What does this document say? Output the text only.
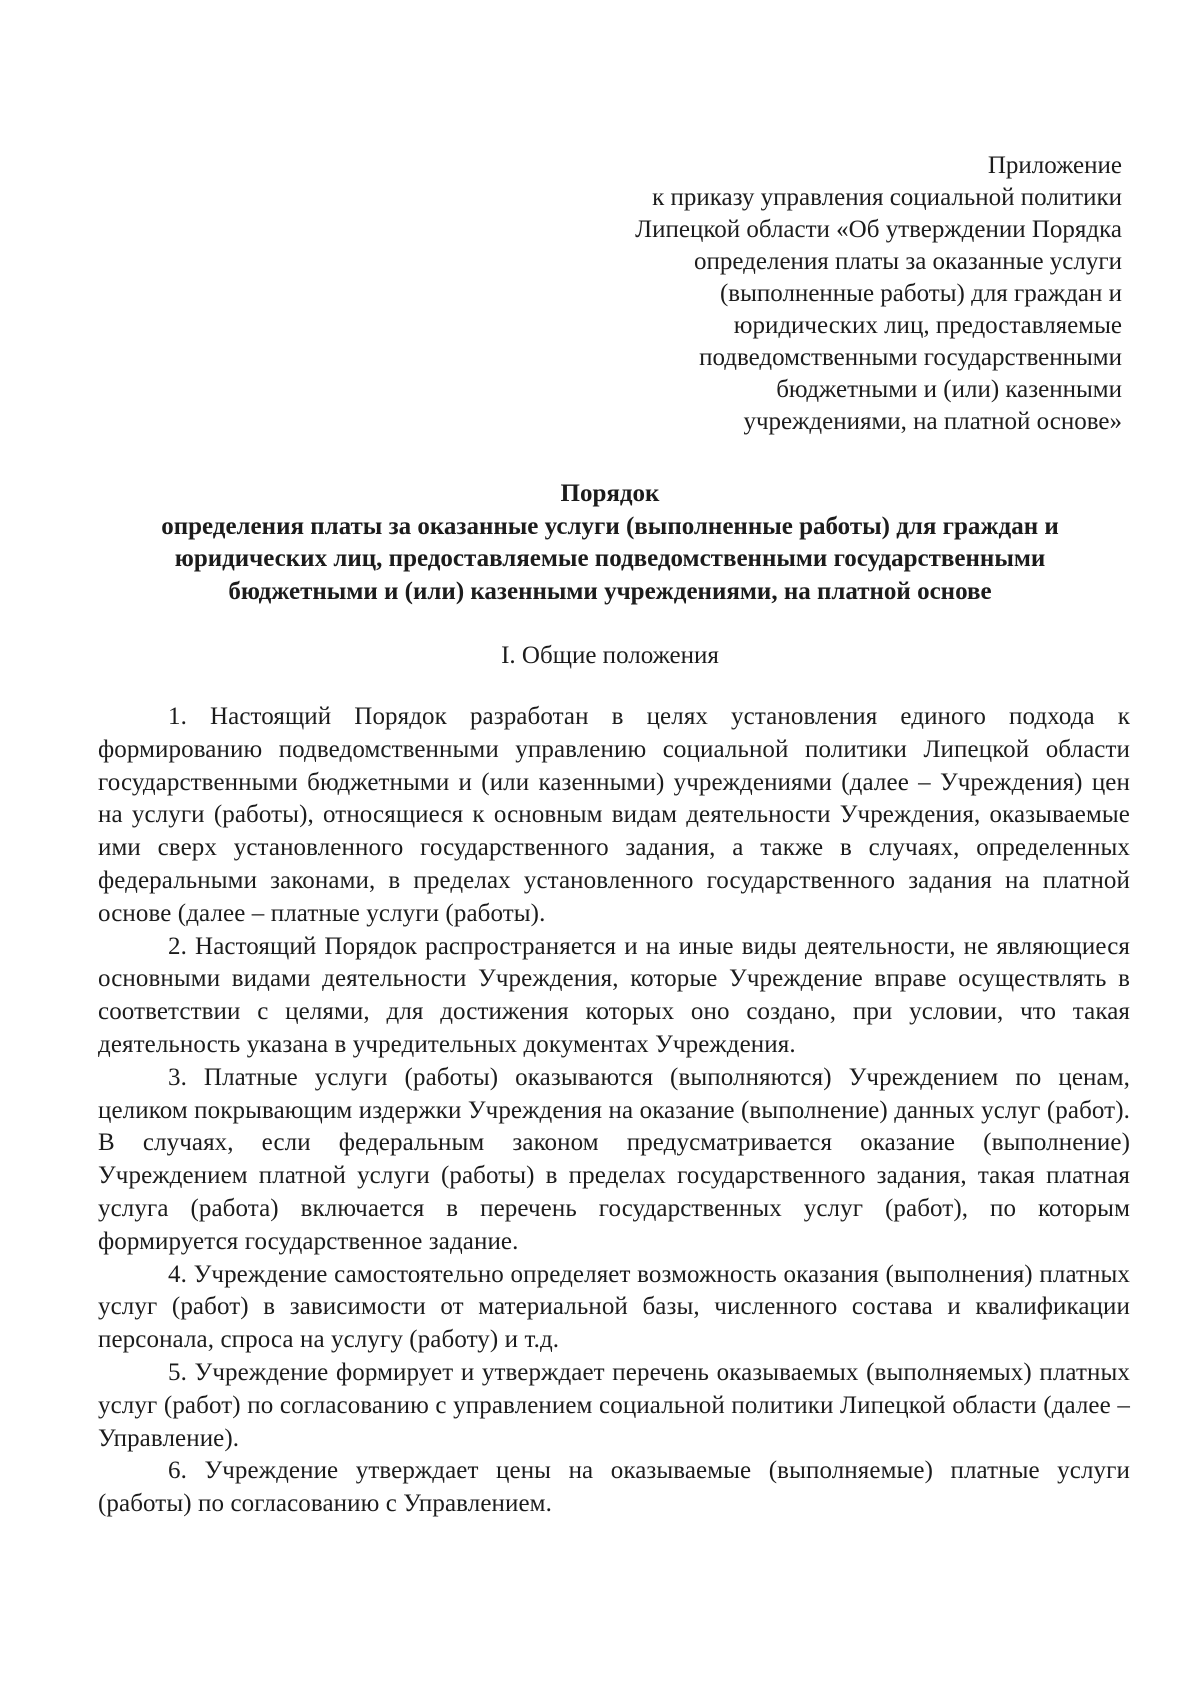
Приложение
к приказу управления социальной политики
Липецкой области «Об утверждении Порядка
определения платы за оказанные услуги
(выполненные работы) для граждан и
юридических лиц, предоставляемые
подведомственными государственными
бюджетными и (или) казенными
учреждениями, на платной основе»
Порядок
определения платы за оказанные услуги (выполненные работы) для граждан и
юридических лиц, предоставляемые подведомственными государственными
бюджетными и (или) казенными учреждениями, на платной основе
I. Общие положения

1. Настоящий Порядок разработан в целях установления единого подхода к формированию подведомственными управлению социальной политики Липецкой области государственными бюджетными и (или казенными) учреждениями (далее – Учреждения) цен на услуги (работы), относящиеся к основным видам деятельности Учреждения, оказываемые ими сверх установленного государственного задания, а также в случаях, определенных федеральными законами, в пределах установленного государственного задания на платной основе (далее – платные услуги (работы).

2. Настоящий Порядок распространяется и на иные виды деятельности, не являющиеся основными видами деятельности Учреждения, которые Учреждение вправе осуществлять в соответствии с целями, для достижения которых оно создано, при условии, что такая деятельность указана в учредительных документах Учреждения.

3. Платные услуги (работы) оказываются (выполняются) Учреждением по ценам, целиком покрывающим издержки Учреждения на оказание (выполнение) данных услуг (работ). В случаях, если федеральным законом предусматривается оказание (выполнение) Учреждением платной услуги (работы) в пределах государственного задания, такая платная услуга (работа) включается в перечень государственных услуг (работ), по которым формируется государственное задание.

4. Учреждение самостоятельно определяет возможность оказания (выполнения) платных услуг (работ) в зависимости от материальной базы, численного состава и квалификации персонала, спроса на услугу (работу) и т.д.

5. Учреждение формирует и утверждает перечень оказываемых (выполняемых) платных услуг (работ) по согласованию с управлением социальной политики Липецкой области (далее – Управление).

6. Учреждение утверждает цены на оказываемые (выполняемые) платные услуги (работы) по согласованию с Управлением.
